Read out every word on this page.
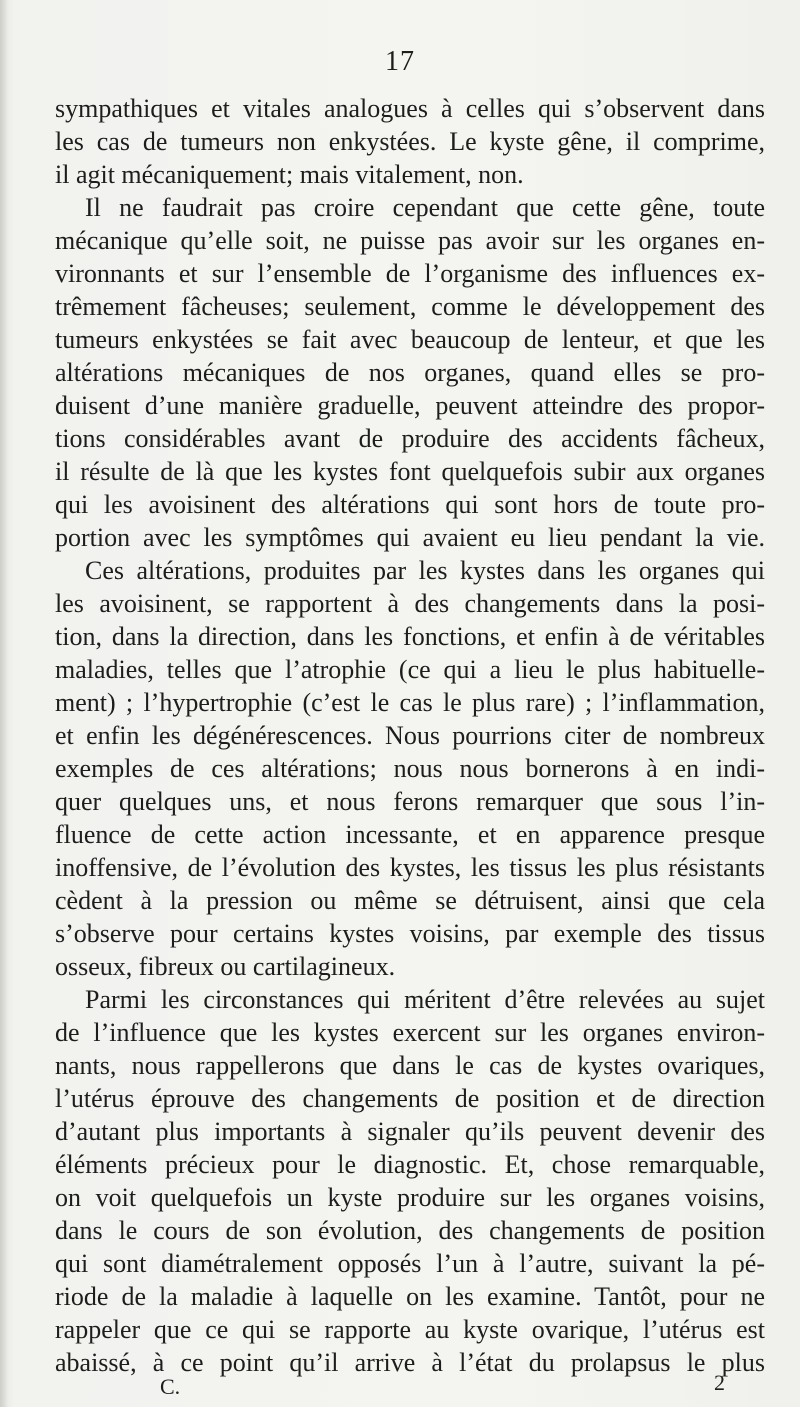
17
sympathiques et vitales analogues à celles qui s’observent dans
les cas de tumeurs non enkystées. Le kyste gêne, il comprime,
il agit mécaniquement; mais vitalement, non.
Il ne faudrait pas croire cependant que cette gêne, toute
mécanique qu’elle soit, ne puisse pas avoir sur les organes en-
vironnants et sur l’ensemble de l’organisme des influences ex-
trêmement fâcheuses; seulement, comme le développement des
tumeurs enkystées se fait avec beaucoup de lenteur, et que les
altérations mécaniques de nos organes, quand elles se pro-
duisent d’une manière graduelle, peuvent atteindre des propor-
tions considérables avant de produire des accidents fâcheux,
il résulte de là que les kystes font quelquefois subir aux organes
qui les avoisinent des altérations qui sont hors de toute pro-
portion avec les symptômes qui avaient eu lieu pendant la vie.
Ces altérations, produites par les kystes dans les organes qui
les avoisinent, se rapportent à des changements dans la posi-
tion, dans la direction, dans les fonctions, et enfin à de véritables
maladies, telles que l’atrophie (ce qui a lieu le plus habituelle-
ment) ; l’hypertrophie (c’est le cas le plus rare) ; l’inflammation,
et enfin les dégénérescences. Nous pourrions citer de nombreux
exemples de ces altérations; nous nous bornerons à en indi-
quer quelques uns, et nous ferons remarquer que sous l’in-
fluence de cette action incessante, et en apparence presque
inoffensive, de l’évolution des kystes, les tissus les plus résistants
cèdent à la pression ou même se détruisent, ainsi que cela
s’observe pour certains kystes voisins, par exemple des tissus
osseux, fibreux ou cartilagineux.
Parmi les circonstances qui méritent d’être relevées au sujet
de l’influence que les kystes exercent sur les organes environ-
nants, nous rappellerons que dans le cas de kystes ovariques,
l’utérus éprouve des changements de position et de direction
d’autant plus importants à signaler qu’ils peuvent devenir des
éléments précieux pour le diagnostic. Et, chose remarquable,
on voit quelquefois un kyste produire sur les organes voisins,
dans le cours de son évolution, des changements de position
qui sont diamétralement opposés l’un à l’autre, suivant la pé-
riode de la maladie à laquelle on les examine. Tantôt, pour ne
rappeler que ce qui se rapporte au kyste ovarique, l’utérus est
abaissé, à ce point qu’il arrive à l’état du prolapsus le plus
C.	2
